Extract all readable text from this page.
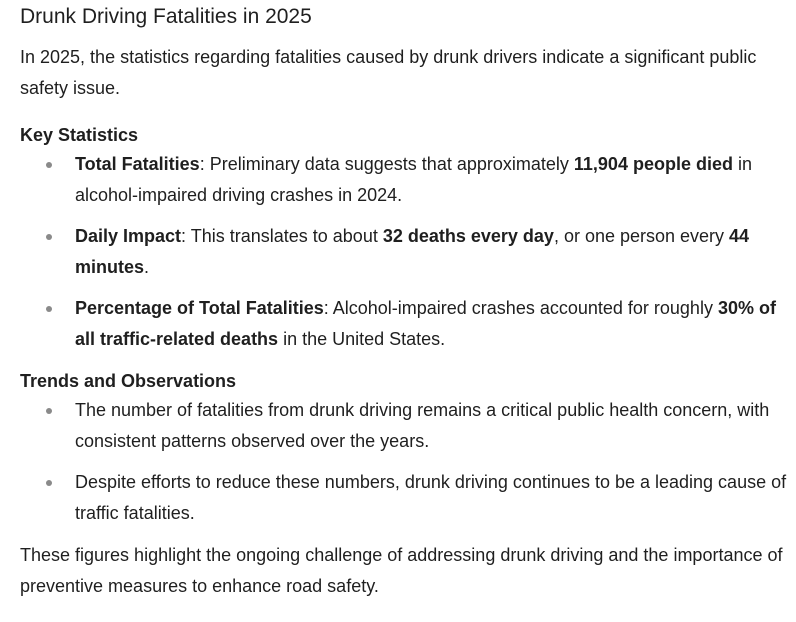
Drunk Driving Fatalities in 2025

In 2025, the statistics regarding fatalities caused by drunk drivers indicate a significant public safety issue.

Key Statistics
Total Fatalities: Preliminary data suggests that approximately 11,904 people died in alcohol-impaired driving crashes in 2024.
Daily Impact: This translates to about 32 deaths every day, or one person every 44 minutes.
Percentage of Total Fatalities: Alcohol-impaired crashes accounted for roughly 30% of all traffic-related deaths in the United States.
Trends and Observations
The number of fatalities from drunk driving remains a critical public health concern, with consistent patterns observed over the years.
Despite efforts to reduce these numbers, drunk driving continues to be a leading cause of traffic fatalities.

These figures highlight the ongoing challenge of addressing drunk driving and the importance of preventive measures to enhance road safety.
